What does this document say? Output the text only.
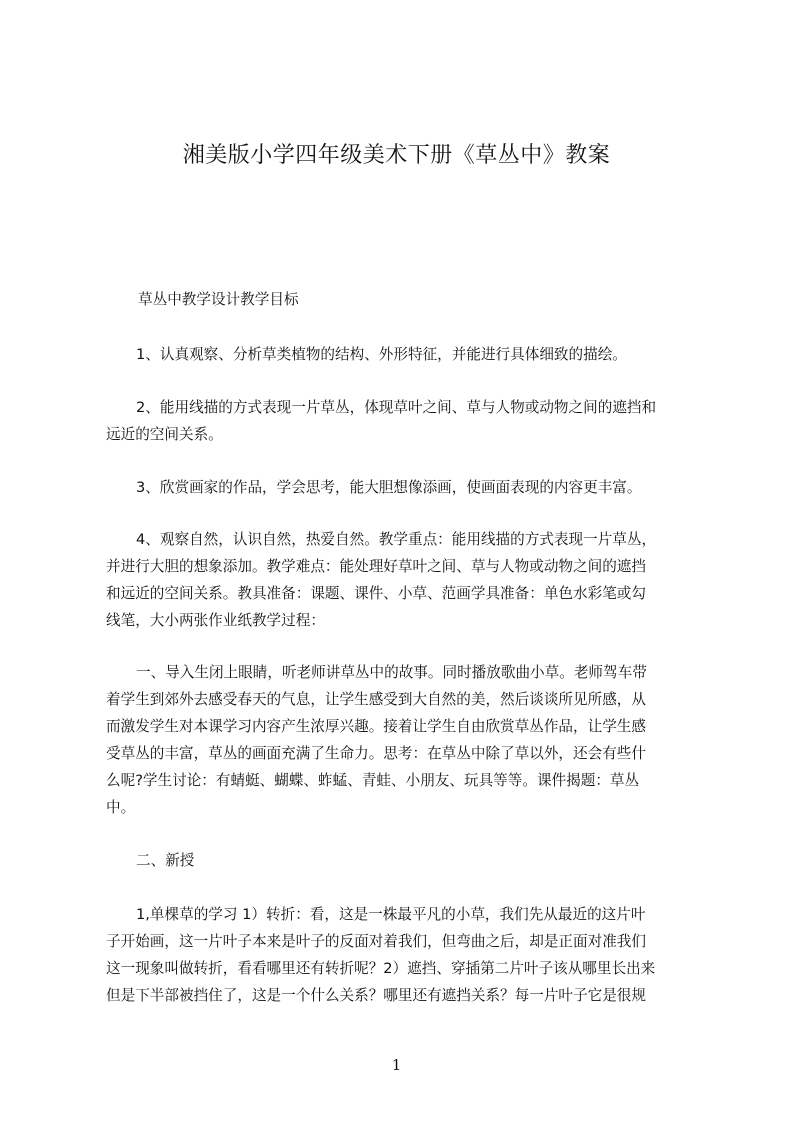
湘美版小学四年级美术下册《草丛中》教案
草丛中教学设计教学目标
1、认真观察、分析草类植物的结构、外形特征，并能进行具体细致的描绘。
2、能用线描的方式表现一片草丛，体现草叶之间、草与人物或动物之间的遮挡和
远近的空间关系。
3、欣赏画家的作品，学会思考，能大胆想像添画，使画面表现的内容更丰富。
4、观察自然，认识自然，热爱自然。教学重点：能用线描的方式表现一片草丛，
并进行大胆的想象添加。教学难点：能处理好草叶之间、草与人物或动物之间的遮挡
和远近的空间关系。教具准备：课题、课件、小草、范画学具准备：单色水彩笔或勾
线笔，大小两张作业纸教学过程：
一、导入生闭上眼睛，听老师讲草丛中的故事。同时播放歌曲小草。老师驾车带
着学生到郊外去感受春天的气息，让学生感受到大自然的美，然后谈谈所见所感，从
而激发学生对本课学习内容产生浓厚兴趣。接着让学生自由欣赏草丛作品，让学生感
受草丛的丰富，草丛的画面充满了生命力。思考：在草丛中除了草以外，还会有些什
么呢?学生讨论：有蜻蜓、蝴蝶、蚱蜢、青蛙、小朋友、玩具等等。课件揭题：草丛
中。
二、新授
1,单棵草的学习 1）转折：看，这是一株最平凡的小草，我们先从最近的这片叶
子开始画，这一片叶子本来是叶子的反面对着我们，但弯曲之后，却是正面对准我们
这一现象叫做转折，看看哪里还有转折呢？2）遮挡、穿插第二片叶子该从哪里长出来
但是下半部被挡住了，这是一个什么关系？哪里还有遮挡关系？每一片叶子它是很规
1
